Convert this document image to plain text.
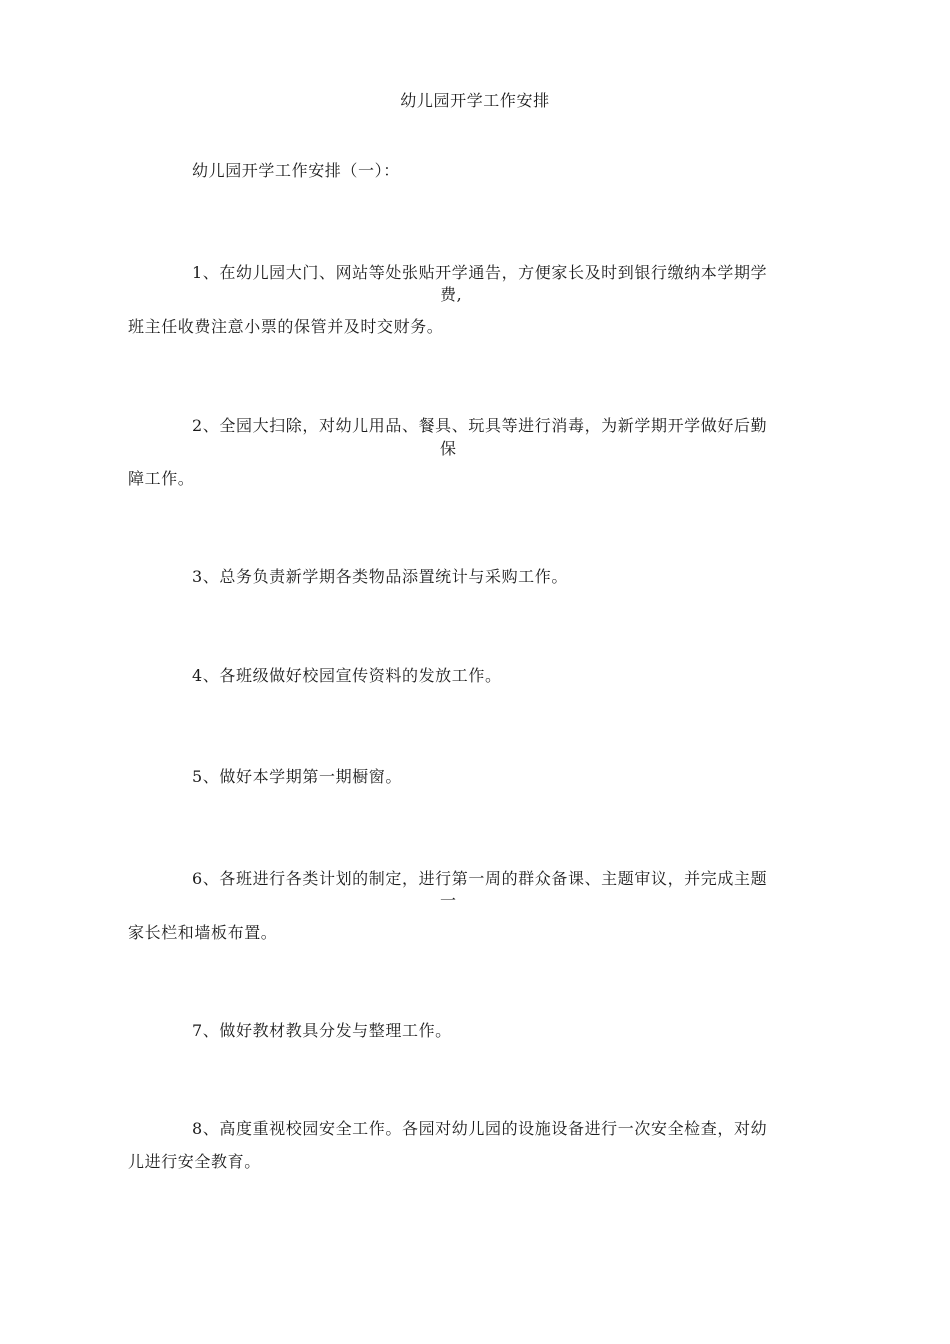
幼儿园开学工作安排
幼儿园开学工作安排（一）：
1、在幼儿园大门、网站等处张贴开学通告，方便家长及时到银行缴纳本学期学
费,
班主任收费注意小票的保管并及时交财务。
2、全园大扫除，对幼儿用品、餐具、玩具等进行消毒，为新学期开学做好后勤
保
障工作。
3、总务负责新学期各类物品添置统计与采购工作。
4、各班级做好校园宣传资料的发放工作。
5、做好本学期第一期橱窗。
6、各班进行各类计划的制定，进行第一周的群众备课、主题审议，并完成主题
一
家长栏和墙板布置。
7、做好教材教具分发与整理工作。
8、高度重视校园安全工作。各园对幼儿园的设施设备进行一次安全检查，对幼
儿进行安全教育。
